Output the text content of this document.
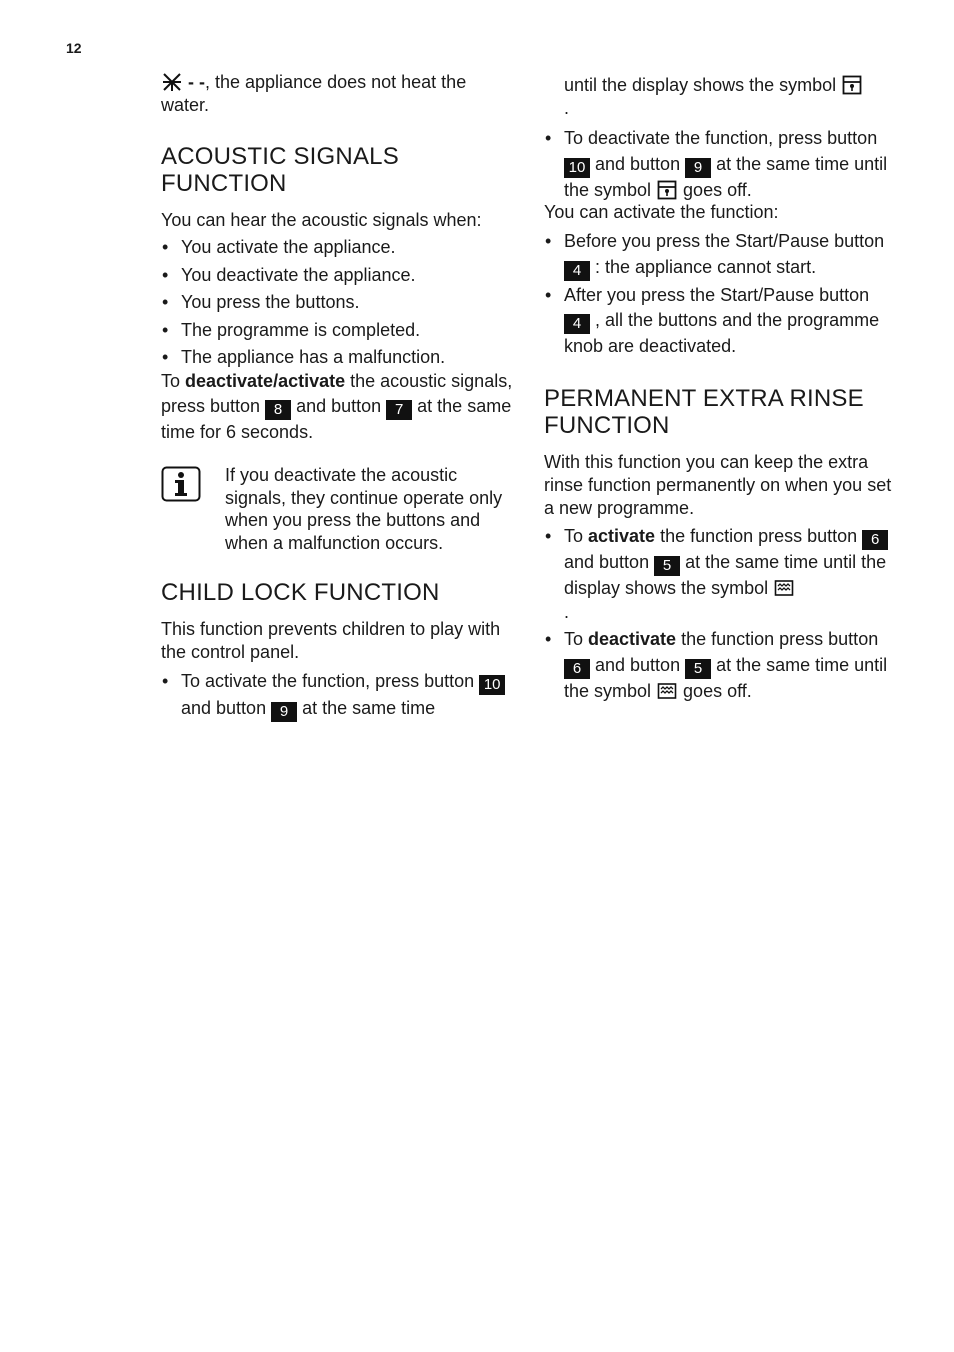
12

- -, the appliance does not heat the water.

ACOUSTIC SIGNALS FUNCTION

You can hear the acoustic signals when:

• You activate the appliance.
• You deactivate the appliance.
• You press the buttons.
• The programme is completed.
• The appliance has a malfunction.

To deactivate/activate the acoustic signals, press button 8 and button 7 at the same time for 6 seconds.

If you deactivate the acoustic signals, they continue operate only when you press the buttons and when a malfunction occurs.
CHILD LOCK FUNCTION

This function prevents children to play with the control panel.

• To activate the function, press button 10 and button 9 at the same time
until the display shows the symbol
.
• To deactivate the function, press button 10 and button 9 at the same time until the symbol
goes off.

You can activate the function:

• Before you press the Start/Pause button 4 : the appliance cannot start.
• After you press the Start/Pause button 4 , all the buttons and the programme knob are deactivated.
PERMANENT EXTRA RINSE FUNCTION

With this function you can keep the extra rinse function permanently on when you set a new programme.

• To activate the function press button 6 and button 5 at the same time until the display shows the symbol
.
• To deactivate the function press button 6 and button 5 at the same time until the symbol
goes off.
